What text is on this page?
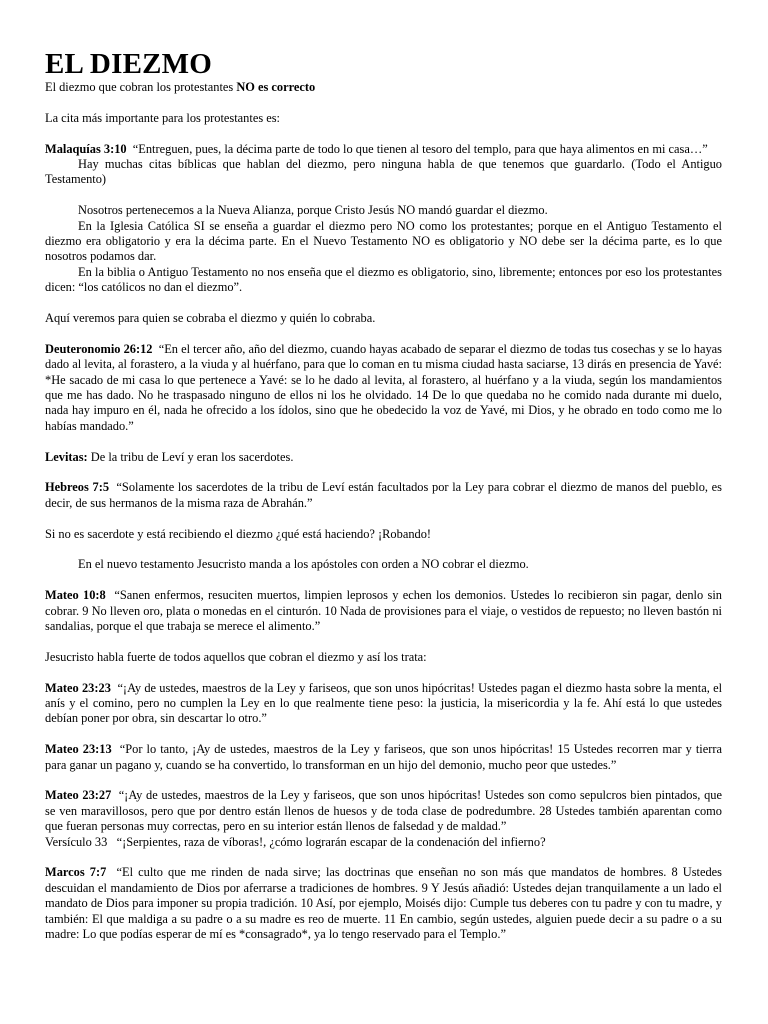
EL DIEZMO

El diezmo que cobran los protestantes NO es correcto

La cita más importante para los protestantes es:

Malaquías 3:10 “Entreguen, pues, la décima parte de todo lo que tienen al tesoro del templo, para que haya alimentos en mi casa…”

Hay muchas citas bíblicas que hablan del diezmo, pero ninguna habla de que tenemos que guardarlo. (Todo el Antiguo Testamento)

Nosotros pertenecemos a la Nueva Alianza, porque Cristo Jesús NO mandó guardar el diezmo.

En la Iglesia Católica SI se enseña a guardar el diezmo pero NO como los protestantes; porque en el Antiguo Testamento el diezmo era obligatorio y era la décima parte. En el Nuevo Testamento NO es obligatorio y NO debe ser la décima parte, es lo que nosotros podamos dar.

En la biblia o Antiguo Testamento no nos enseña que el diezmo es obligatorio, sino, libremente; entonces por eso los protestantes dicen: “los católicos no dan el diezmo”.

Aquí veremos para quien se cobraba el diezmo y quién lo cobraba.

Deuteronomio 26:12 “En el tercer año, año del diezmo, cuando hayas acabado de separar el diezmo de todas tus cosechas y se lo hayas dado al levita, al forastero, a la viuda y al huérfano, para que lo coman en tu misma ciudad hasta saciarse, 13 dirás en presencia de Yavé: *He sacado de mi casa lo que pertenece a Yavé: se lo he dado al levita, al forastero, al huérfano y a la viuda, según los mandamientos que me has dado. No he traspasado ninguno de ellos ni los he olvidado. 14 De lo que quedaba no he comido nada durante mi duelo, nada hay impuro en él, nada he ofrecido a los ídolos, sino que he obedecido la voz de Yavé, mi Dios, y he obrado en todo como me lo habías mandado.”

Levitas: De la tribu de Leví y eran los sacerdotes.

Hebreos 7:5 “Solamente los sacerdotes de la tribu de Leví están facultados por la Ley para cobrar el diezmo de manos del pueblo, es decir, de sus hermanos de la misma raza de Abrahán.”

Si no es sacerdote y está recibiendo el diezmo ¿qué está haciendo? ¡Robando!

En el nuevo testamento Jesucristo manda a los apóstoles con orden a NO cobrar el diezmo.

Mateo 10:8 “Sanen enfermos, resuciten muertos, limpien leprosos y echen los demonios. Ustedes lo recibieron sin pagar, denlo sin cobrar. 9 No lleven oro, plata o monedas en el cinturón. 10 Nada de provisiones para el viaje, o vestidos de repuesto; no lleven bastón ni sandalias, porque el que trabaja se merece el alimento.”

Jesucristo habla fuerte de todos aquellos que cobran el diezmo y así los trata:

Mateo 23:23 “¡Ay de ustedes, maestros de la Ley y fariseos, que son unos hipócritas! Ustedes pagan el diezmo hasta sobre la menta, el anís y el comino, pero no cumplen la Ley en lo que realmente tiene peso: la justicia, la misericordia y la fe. Ahí está lo que ustedes debían poner por obra, sin descartar lo otro.”

Mateo 23:13 “Por lo tanto, ¡Ay de ustedes, maestros de la Ley y fariseos, que son unos hipócritas! 15 Ustedes recorren mar y tierra para ganar un pagano y, cuando se ha convertido, lo transforman en un hijo del demonio, mucho peor que ustedes.”

Mateo 23:27 “¡Ay de ustedes, maestros de la Ley y fariseos, que son unos hipócritas! Ustedes son como sepulcros bien pintados, que se ven maravillosos, pero que por dentro están llenos de huesos y de toda clase de podredumbre. 28 Ustedes también aparentan como que fueran personas muy correctas, pero en su interior están llenos de falsedad y de maldad.”

Versículo 33   “¡Serpientes, raza de víboras!, ¿cómo lograrán escapar de la condenación del infierno?

Marcos 7:7 “El culto que me rinden de nada sirve; las doctrinas que enseñan no son más que mandatos de hombres. 8 Ustedes descuidan el mandamiento de Dios por aferrarse a tradiciones de hombres. 9 Y Jesús añadió: Ustedes dejan tranquilamente a un lado el mandato de Dios para imponer su propia tradición. 10 Así, por ejemplo, Moisés dijo: Cumple tus deberes con tu padre y con tu madre, y también: El que maldiga a su padre o a su madre es reo de muerte. 11 En cambio, según ustedes, alguien puede decir a su padre o a su madre: Lo que podías esperar de mí es *consagrado*, ya lo tengo reservado para el Templo.”
